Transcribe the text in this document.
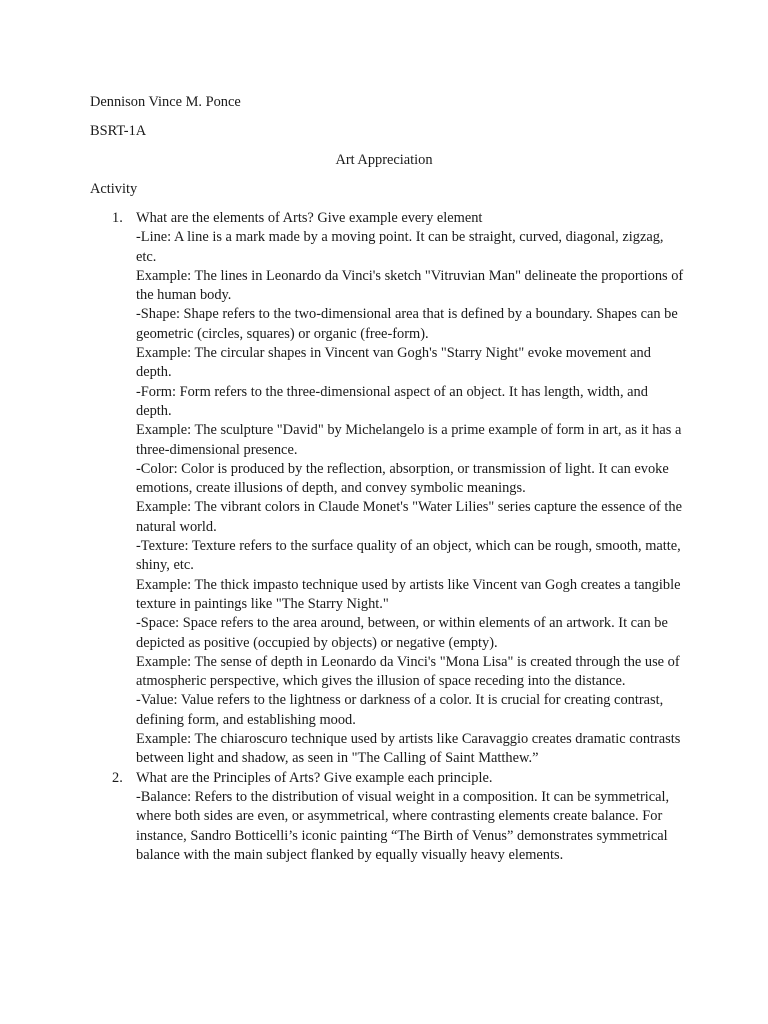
Dennison Vince M. Ponce
BSRT-1A
Art Appreciation
Activity
1. What are the elements of Arts? Give example every element
-Line: A line is a mark made by a moving point. It can be straight, curved, diagonal, zigzag, etc.
Example: The lines in Leonardo da Vinci's sketch "Vitruvian Man" delineate the proportions of the human body.
-Shape: Shape refers to the two-dimensional area that is defined by a boundary. Shapes can be geometric (circles, squares) or organic (free-form).
Example: The circular shapes in Vincent van Gogh's "Starry Night" evoke movement and depth.
-Form: Form refers to the three-dimensional aspect of an object. It has length, width, and depth.
Example: The sculpture "David" by Michelangelo is a prime example of form in art, as it has a three-dimensional presence.
-Color: Color is produced by the reflection, absorption, or transmission of light. It can evoke emotions, create illusions of depth, and convey symbolic meanings.
Example: The vibrant colors in Claude Monet's "Water Lilies" series capture the essence of the natural world.
-Texture: Texture refers to the surface quality of an object, which can be rough, smooth, matte, shiny, etc.
Example: The thick impasto technique used by artists like Vincent van Gogh creates a tangible texture in paintings like "The Starry Night."
-Space: Space refers to the area around, between, or within elements of an artwork. It can be depicted as positive (occupied by objects) or negative (empty).
Example: The sense of depth in Leonardo da Vinci's "Mona Lisa" is created through the use of atmospheric perspective, which gives the illusion of space receding into the distance.
-Value: Value refers to the lightness or darkness of a color. It is crucial for creating contrast, defining form, and establishing mood.
Example: The chiaroscuro technique used by artists like Caravaggio creates dramatic contrasts between light and shadow, as seen in "The Calling of Saint Matthew.”
2. What are the Principles of Arts? Give example each principle.
-Balance: Refers to the distribution of visual weight in a composition. It can be symmetrical, where both sides are even, or asymmetrical, where contrasting elements create balance. For instance, Sandro Botticelli’s iconic painting “The Birth of Venus” demonstrates symmetrical balance with the main subject flanked by equally visually heavy elements.
